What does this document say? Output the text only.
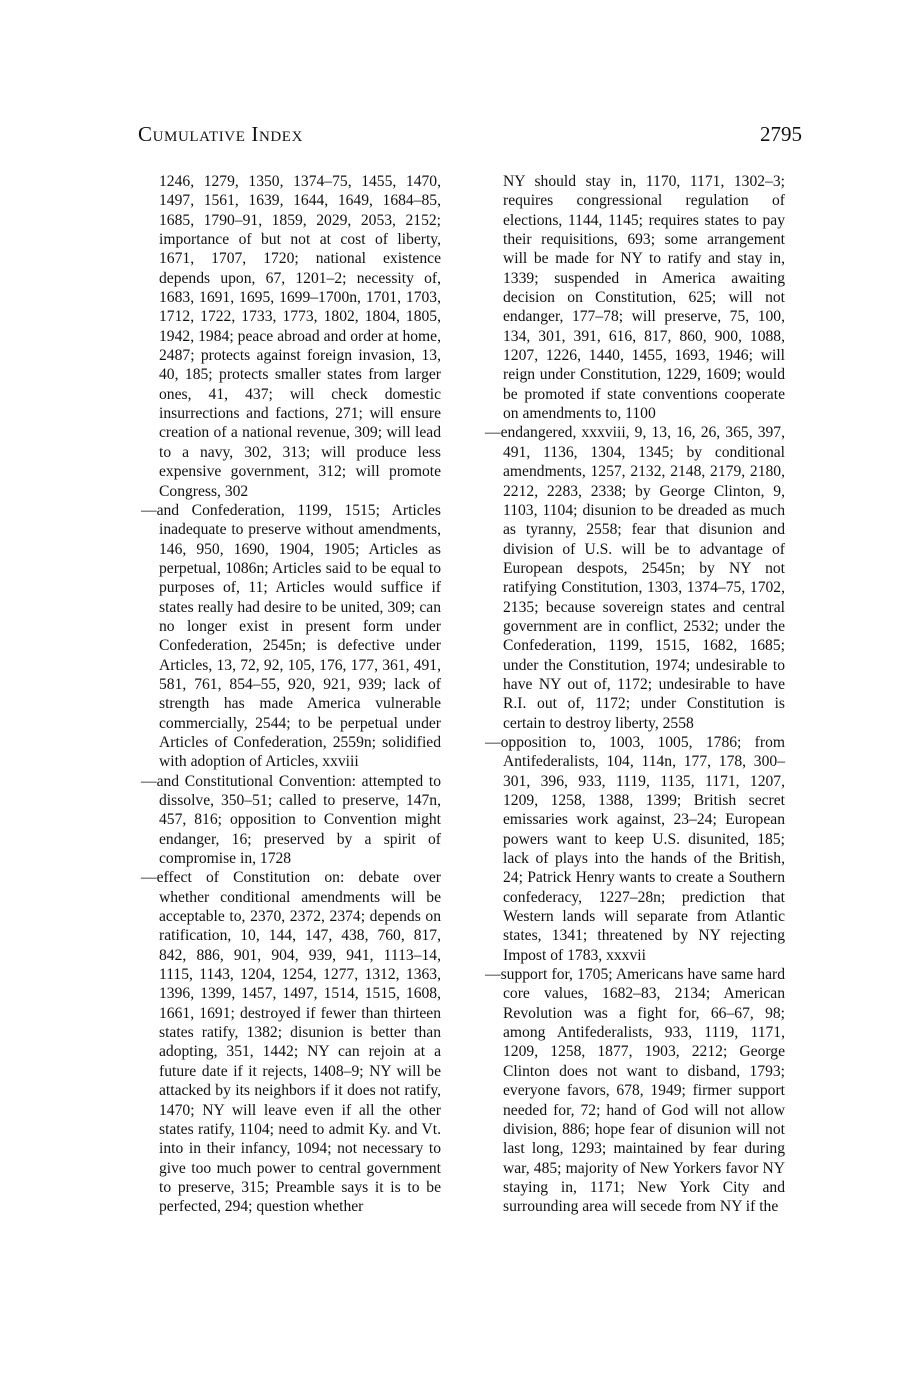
Cumulative Index	2795

1246, 1279, 1350, 1374–75, 1455, 1470, 1497, 1561, 1639, 1644, 1649, 1684–85, 1685, 1790–91, 1859, 2029, 2053, 2152; importance of but not at cost of liberty, 1671, 1707, 1720; national existence depends upon, 67, 1201–2; necessity of, 1683, 1691, 1695, 1699–1700n, 1701, 1703, 1712, 1722, 1733, 1773, 1802, 1804, 1805, 1942, 1984; peace abroad and order at home, 2487; protects against foreign invasion, 13, 40, 185; protects smaller states from larger ones, 41, 437; will check domestic insurrections and factions, 271; will ensure creation of a national revenue, 309; will lead to a navy, 302, 313; will produce less expensive government, 312; will promote Congress, 302

—and Confederation, 1199, 1515; Articles inadequate to preserve without amendments, 146, 950, 1690, 1904, 1905; Articles as perpetual, 1086n; Articles said to be equal to purposes of, 11; Articles would suffice if states really had desire to be united, 309; can no longer exist in present form under Confederation, 2545n; is defective under Articles, 13, 72, 92, 105, 176, 177, 361, 491, 581, 761, 854–55, 920, 921, 939; lack of strength has made America vulnerable commercially, 2544; to be perpetual under Articles of Confederation, 2559n; solidified with adoption of Articles, xxviii

—and Constitutional Convention: attempted to dissolve, 350–51; called to preserve, 147n, 457, 816; opposition to Convention might endanger, 16; preserved by a spirit of compromise in, 1728

—effect of Constitution on: debate over whether conditional amendments will be acceptable to, 2370, 2372, 2374; depends on ratification, 10, 144, 147, 438, 760, 817, 842, 886, 901, 904, 939, 941, 1113–14, 1115, 1143, 1204, 1254, 1277, 1312, 1363, 1396, 1399, 1457, 1497, 1514, 1515, 1608, 1661, 1691; destroyed if fewer than thirteen states ratify, 1382; disunion is better than adopting, 351, 1442; NY can rejoin at a future date if it rejects, 1408–9; NY will be attacked by its neighbors if it does not ratify, 1470; NY will leave even if all the other states ratify, 1104; need to admit Ky. and Vt. into in their infancy, 1094; not necessary to give too much power to central government to preserve, 315; Preamble says it is to be perfected, 294; question whether

NY should stay in, 1170, 1171, 1302–3; requires congressional regulation of elections, 1144, 1145; requires states to pay their requisitions, 693; some arrangement will be made for NY to ratify and stay in, 1339; suspended in America awaiting decision on Constitution, 625; will not endanger, 177–78; will preserve, 75, 100, 134, 301, 391, 616, 817, 860, 900, 1088, 1207, 1226, 1440, 1455, 1693, 1946; will reign under Constitution, 1229, 1609; would be promoted if state conventions cooperate on amendments to, 1100

—endangered, xxxviii, 9, 13, 16, 26, 365, 397, 491, 1136, 1304, 1345; by conditional amendments, 1257, 2132, 2148, 2179, 2180, 2212, 2283, 2338; by George Clinton, 9, 1103, 1104; disunion to be dreaded as much as tyranny, 2558; fear that disunion and division of U.S. will be to advantage of European despots, 2545n; by NY not ratifying Constitution, 1303, 1374–75, 1702, 2135; because sovereign states and central government are in conflict, 2532; under the Confederation, 1199, 1515, 1682, 1685; under the Constitution, 1974; undesirable to have NY out of, 1172; undesirable to have R.I. out of, 1172; under Constitution is certain to destroy liberty, 2558

—opposition to, 1003, 1005, 1786; from Antifederalists, 104, 114n, 177, 178, 300–301, 396, 933, 1119, 1135, 1171, 1207, 1209, 1258, 1388, 1399; British secret emissaries work against, 23–24; European powers want to keep U.S. disunited, 185; lack of plays into the hands of the British, 24; Patrick Henry wants to create a Southern confederacy, 1227–28n; prediction that Western lands will separate from Atlantic states, 1341; threatened by NY rejecting Impost of 1783, xxxvii

—support for, 1705; Americans have same hard core values, 1682–83, 2134; American Revolution was a fight for, 66–67, 98; among Antifederalists, 933, 1119, 1171, 1209, 1258, 1877, 1903, 2212; George Clinton does not want to disband, 1793; everyone favors, 678, 1949; firmer support needed for, 72; hand of God will not allow division, 886; hope fear of disunion will not last long, 1293; maintained by fear during war, 485; majority of New Yorkers favor NY staying in, 1171; New York City and surrounding area will secede from NY if the
